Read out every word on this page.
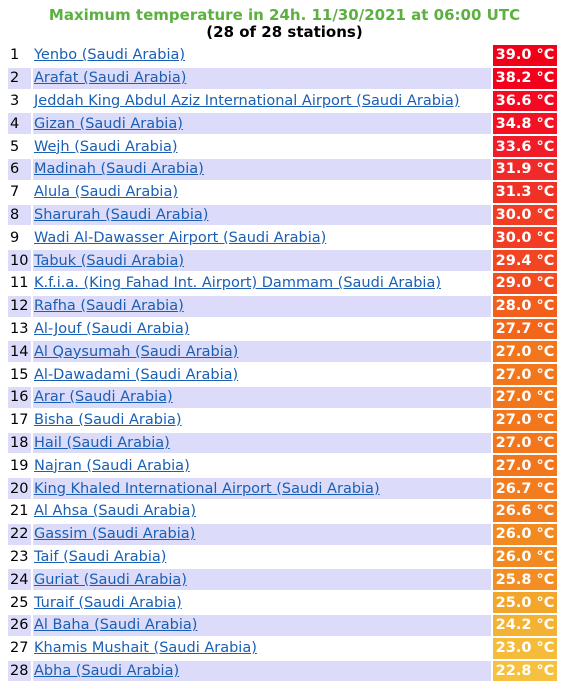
Maximum temperature in 24h. 11/30/2021 at 06:00 UTC
(28 of 28 stations)
1	Yenbo (Saudi Arabia)	39.0 °C
2	Arafat (Saudi Arabia)	38.2 °C
3	Jeddah King Abdul Aziz International Airport (Saudi Arabia)	36.6 °C
4	Gizan (Saudi Arabia)	34.8 °C
5	Wejh (Saudi Arabia)	33.6 °C
6	Madinah (Saudi Arabia)	31.9 °C
7	Alula (Saudi Arabia)	31.3 °C
8	Sharurah (Saudi Arabia)	30.0 °C
9	Wadi Al-Dawasser Airport (Saudi Arabia)	30.0 °C
10	Tabuk (Saudi Arabia)	29.4 °C
11	K.f.i.a. (King Fahad Int. Airport) Dammam (Saudi Arabia)	29.0 °C
12	Rafha (Saudi Arabia)	28.0 °C
13	Al-Jouf (Saudi Arabia)	27.7 °C
14	Al Qaysumah (Saudi Arabia)	27.0 °C
15	Al-Dawadami (Saudi Arabia)	27.0 °C
16	Arar (Saudi Arabia)	27.0 °C
17	Bisha (Saudi Arabia)	27.0 °C
18	Hail (Saudi Arabia)	27.0 °C
19	Najran (Saudi Arabia)	27.0 °C
20	King Khaled International Airport (Saudi Arabia)	26.7 °C
21	Al Ahsa (Saudi Arabia)	26.6 °C
22	Gassim (Saudi Arabia)	26.0 °C
23	Taif (Saudi Arabia)	26.0 °C
24	Guriat (Saudi Arabia)	25.8 °C
25	Turaif (Saudi Arabia)	25.0 °C
26	Al Baha (Saudi Arabia)	24.2 °C
27	Khamis Mushait (Saudi Arabia)	23.0 °C
28	Abha (Saudi Arabia)	22.8 °C
